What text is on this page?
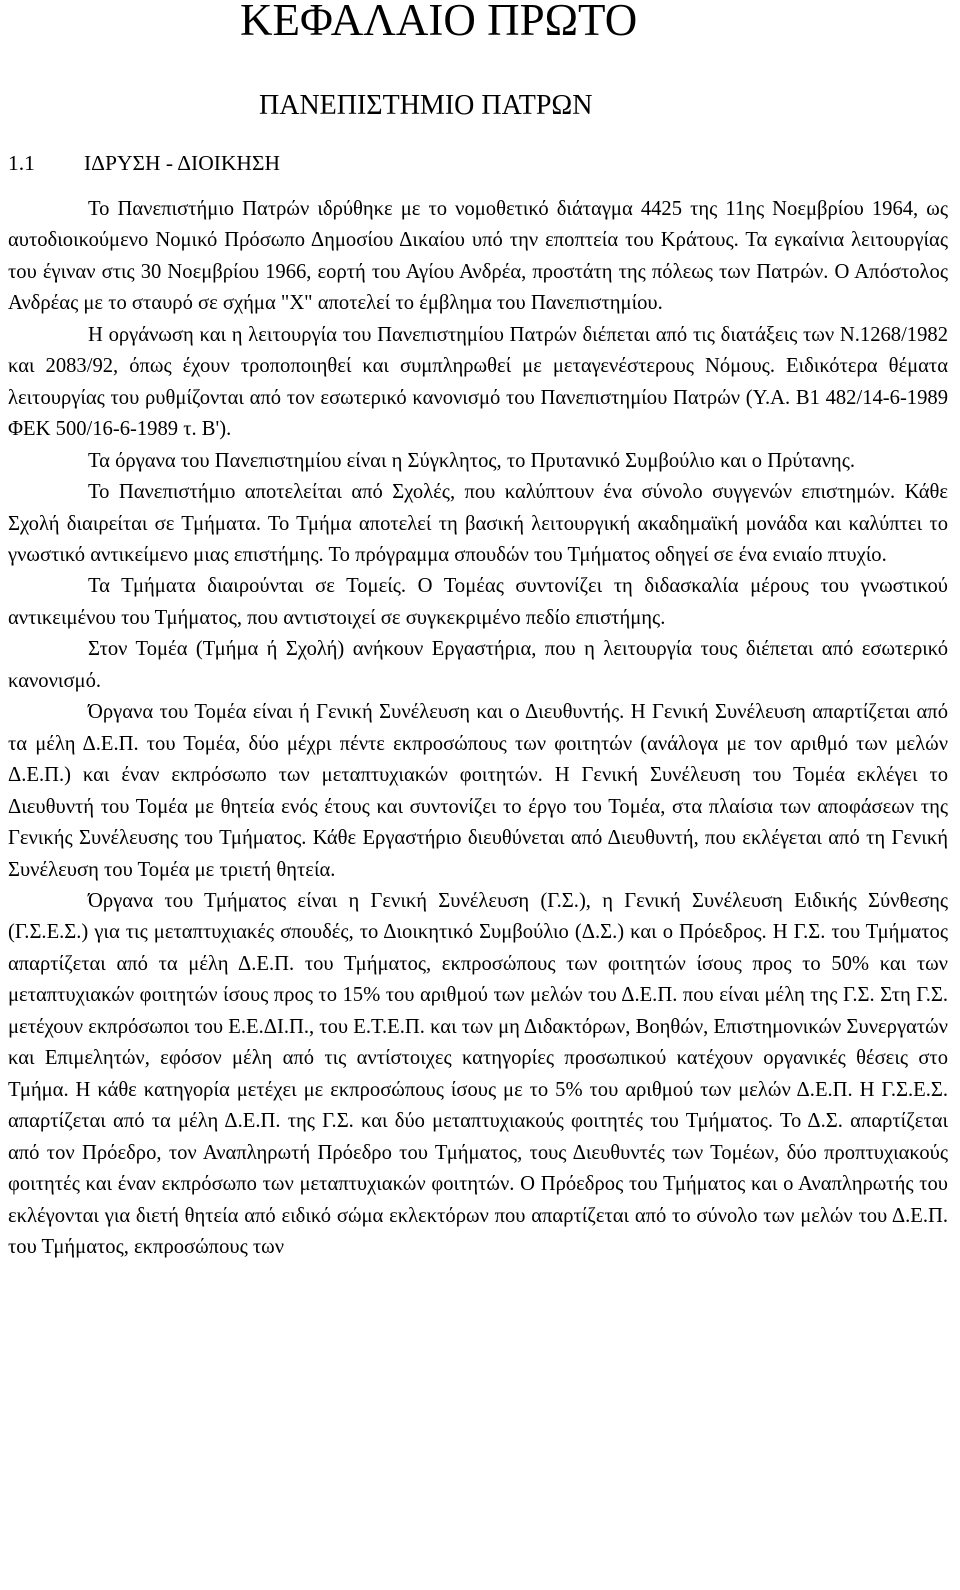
ΚΕΦΑΛΑΙΟ ΠΡΩΤΟ
ΠΑΝΕΠΙΣΤΗΜΙΟ ΠΑΤΡΩΝ
1.1 ΙΔΡΥΣΗ - ΔΙΟΙΚΗΣΗ

Το Πανεπιστήμιο Πατρών ιδρύθηκε με το νομοθετικό διάταγμα 4425 της 11ης Νοεμβρίου 1964, ως αυτοδιοικούμενο Νομικό Πρόσωπο Δημοσίου Δικαίου υπό την εποπτεία του Κράτους. Τα εγκαίνια λειτουργίας του έγιναν στις 30 Νοεμβρίου 1966, εορτή του Αγίου Ανδρέα, προστάτη της πόλεως των Πατρών. Ο Απόστολος Ανδρέας με το σταυρό σε σχήμα "Χ" αποτελεί το έμβλημα του Πανεπιστημίου.

Η οργάνωση και η λειτουργία του Πανεπιστημίου Πατρών διέπεται από τις διατάξεις των Ν.1268/1982 και 2083/92, όπως έχουν τροποποιηθεί και συμπληρωθεί με μεταγενέστερους Νόμους. Ειδικότερα θέματα λειτουργίας του ρυθμίζονται από τον εσωτερικό κανονισμό του Πανεπιστημίου Πατρών (Υ.Α. Β1 482/14-6-1989 ΦΕΚ 500/16-6-1989 τ. Β').

Τα όργανα του Πανεπιστημίου είναι η Σύγκλητος, το Πρυτανικό Συμβούλιο και ο Πρύτανης.

Το Πανεπιστήμιο αποτελείται από Σχολές, που καλύπτουν ένα σύνολο συγγενών επιστημών. Κάθε Σχολή διαιρείται σε Τμήματα. Το Τμήμα αποτελεί τη βασική λειτουργική ακαδημαϊκή μονάδα και καλύπτει το γνωστικό αντικείμενο μιας επιστήμης. Το πρόγραμμα σπουδών του Τμήματος οδηγεί σε ένα ενιαίο πτυχίο.

Τα Τμήματα διαιρούνται σε Τομείς. Ο Τομέας συντονίζει τη διδασκαλία μέρους του γνωστικού αντικειμένου του Τμήματος, που αντιστοιχεί σε συγκεκριμένο πεδίο επιστήμης.

Στον Τομέα (Τμήμα ή Σχολή) ανήκουν Εργαστήρια, που η λειτουργία τους διέπεται από εσωτερικό κανονισμό.

Όργανα του Τομέα είναι ή Γενική Συνέλευση και ο Διευθυντής. Η Γενική Συνέλευση απαρτίζεται από τα μέλη Δ.Ε.Π. του Τομέα, δύο μέχρι πέντε εκπροσώπους των φοιτητών (ανάλογα με τον αριθμό των μελών Δ.Ε.Π.) και έναν εκπρόσωπο των μεταπτυχιακών φοιτητών. Η Γενική Συνέλευση του Τομέα εκλέγει το Διευθυντή του Τομέα με θητεία ενός έτους και συντονίζει το έργο του Τομέα, στα πλαίσια των αποφάσεων της Γενικής Συνέλευσης του Τμήματος. Κάθε Εργαστήριο διευθύνεται από Διευθυντή, που εκλέγεται από τη Γενική Συνέλευση του Τομέα με τριετή θητεία.

Όργανα του Τμήματος είναι η Γενική Συνέλευση (Γ.Σ.), η Γενική Συνέλευση Ειδικής Σύνθεσης (Γ.Σ.Ε.Σ.) για τις μεταπτυχιακές σπουδές, το Διοικητικό Συμβούλιο (Δ.Σ.) και ο Πρόεδρος. Η Γ.Σ. του Τμήματος απαρτίζεται από τα μέλη Δ.Ε.Π. του Τμήματος, εκπροσώπους των φοιτητών ίσους προς το 50% και των μεταπτυχιακών φοιτητών ίσους προς το 15% του αριθμού των μελών του Δ.Ε.Π. που είναι μέλη της Γ.Σ. Στη Γ.Σ. μετέχουν εκπρόσωποι του Ε.Ε.ΔΙ.Π., του Ε.Τ.Ε.Π. και των μη Διδακτόρων, Βοηθών, Επιστημονικών Συνεργατών και Επιμελητών, εφόσον μέλη από τις αντίστοιχες κατηγορίες προσωπικού κατέχουν οργανικές θέσεις στο Τμήμα. Η κάθε κατηγορία μετέχει με εκπροσώπους ίσους με το 5% του αριθμού των μελών Δ.Ε.Π. Η Γ.Σ.Ε.Σ. απαρτίζεται από τα μέλη Δ.Ε.Π. της Γ.Σ. και δύο μεταπτυχιακούς φοιτητές του Τμήματος. Το Δ.Σ. απαρτίζεται από τον Πρόεδρο, τον Αναπληρωτή Πρόεδρο του Τμήματος, τους Διευθυντές των Τομέων, δύο προπτυχιακούς φοιτητές και έναν εκπρόσωπο των μεταπτυχιακών φοιτητών. Ο Πρόεδρος του Τμήματος και ο Αναπληρωτής του εκλέγονται για διετή θητεία από ειδικό σώμα εκλεκτόρων που απαρτίζεται από το σύνολο των μελών του Δ.Ε.Π. του Τμήματος, εκπροσώπους των
